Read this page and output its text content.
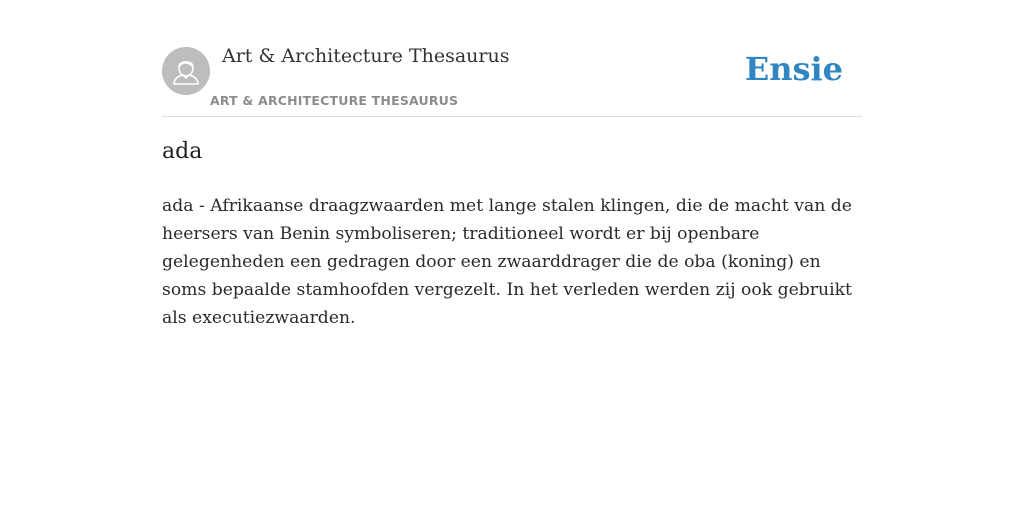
Art & Architecture Thesaurus
ART & ARCHITECTURE THESAURUS
Ensie
ada

ada - Afrikaanse draagzwaarden met lange stalen klingen, die de macht van de heersers van Benin symboliseren; traditioneel wordt er bij openbare gelegenheden een gedragen door een zwaarddrager die de oba (koning) en soms bepaalde stamhoofden vergezelt. In het verleden werden zij ook gebruikt als executiezwaarden.
